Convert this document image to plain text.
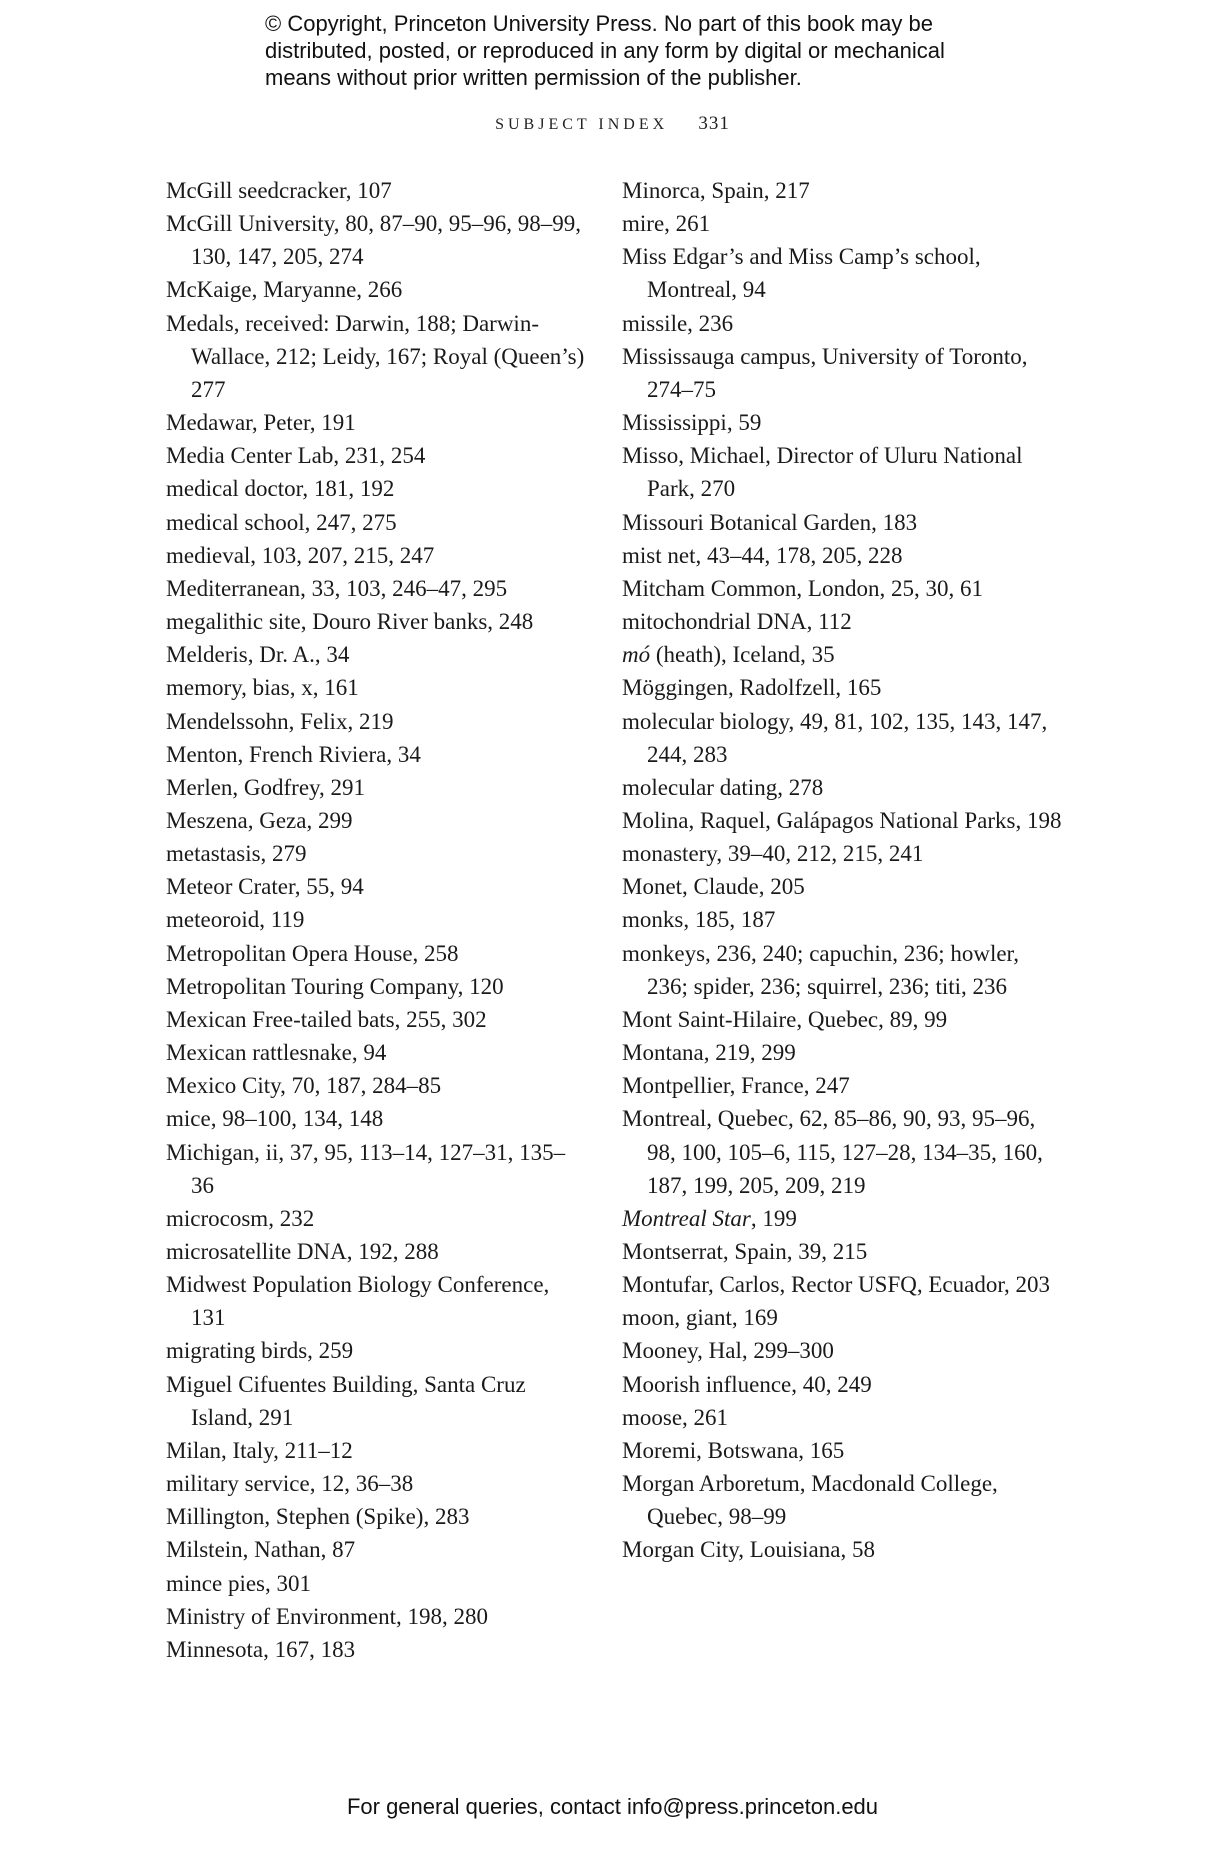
© Copyright, Princeton University Press. No part of this book may be
distributed, posted, or reproduced in any form by digital or mechanical
means without prior written permission of the publisher.
SUBJECT INDEX 331
McGill seedcracker, 107
McGill University, 80, 87–90, 95–96, 98–99, 130, 147, 205, 274
McKaige, Maryanne, 266
Medals, received: Darwin, 188; Darwin-Wallace, 212; Leidy, 167; Royal (Queen’s) 277
Medawar, Peter, 191
Media Center Lab, 231, 254
medical doctor, 181, 192
medical school, 247, 275
medieval, 103, 207, 215, 247
Mediterranean, 33, 103, 246–47, 295
megalithic site, Douro River banks, 248
Melderis, Dr. A., 34
memory, bias, x, 161
Mendelssohn, Felix, 219
Menton, French Riviera, 34
Merlen, Godfrey, 291
Meszena, Geza, 299
metastasis, 279
Meteor Crater, 55, 94
meteoroid, 119
Metropolitan Opera House, 258
Metropolitan Touring Company, 120
Mexican Free-tailed bats, 255, 302
Mexican rattlesnake, 94
Mexico City, 70, 187, 284–85
mice, 98–100, 134, 148
Michigan, ii, 37, 95, 113–14, 127–31, 135–36
microcosm, 232
microsatellite DNA, 192, 288
Midwest Population Biology Conference, 131
migrating birds, 259
Miguel Cifuentes Building, Santa Cruz Island, 291
Milan, Italy, 211–12
military service, 12, 36–38
Millington, Stephen (Spike), 283
Milstein, Nathan, 87
mince pies, 301
Ministry of Environment, 198, 280
Minnesota, 167, 183
Minorca, Spain, 217
mire, 261
Miss Edgar’s and Miss Camp’s school, Montreal, 94
missile, 236
Mississauga campus, University of Toronto, 274–75
Mississippi, 59
Misso, Michael, Director of Uluru National Park, 270
Missouri Botanical Garden, 183
mist net, 43–44, 178, 205, 228
Mitcham Common, London, 25, 30, 61
mitochondrial DNA, 112
mó (heath), Iceland, 35
Möggingen, Radolfzell, 165
molecular biology, 49, 81, 102, 135, 143, 147, 244, 283
molecular dating, 278
Molina, Raquel, Galápagos National Parks, 198
monastery, 39–40, 212, 215, 241
Monet, Claude, 205
monks, 185, 187
monkeys, 236, 240; capuchin, 236; howler, 236; spider, 236; squirrel, 236; titi, 236
Mont Saint-Hilaire, Quebec, 89, 99
Montana, 219, 299
Montpellier, France, 247
Montreal, Quebec, 62, 85–86, 90, 93, 95–96, 98, 100, 105–6, 115, 127–28, 134–35, 160, 187, 199, 205, 209, 219
Montreal Star, 199
Montserrat, Spain, 39, 215
Montufar, Carlos, Rector USFQ, Ecuador, 203
moon, giant, 169
Mooney, Hal, 299–300
Moorish influence, 40, 249
moose, 261
Moremi, Botswana, 165
Morgan Arboretum, Macdonald College, Quebec, 98–99
Morgan City, Louisiana, 58
For general queries, contact info@press.princeton.edu
